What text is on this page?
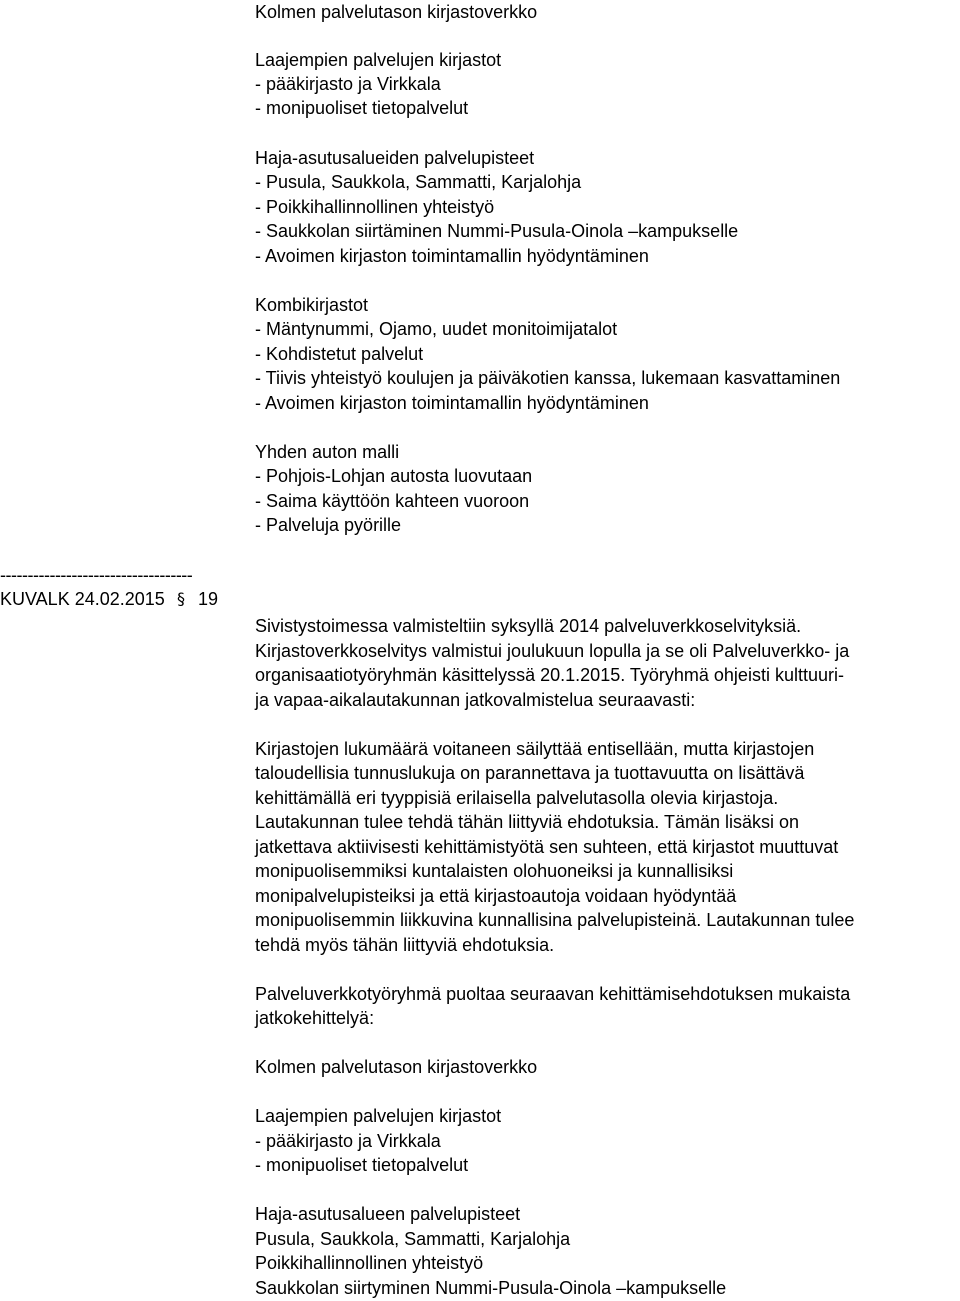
Kolmen palvelutason kirjastoverkko
Laajempien palvelujen kirjastot
- pääkirjasto ja Virkkala
- monipuoliset tietopalvelut
Haja-asutusalueiden palvelupisteet
- Pusula, Saukkola, Sammatti, Karjalohja
- Poikkihallinnollinen yhteistyö
- Saukkolan siirtäminen Nummi-Pusula-Oinola –kampukselle
- Avoimen kirjaston toimintamallin hyödyntäminen
Kombikirjastot
- Mäntynummi, Ojamo, uudet monitoimijatalot
- Kohdistetut palvelut
- Tiivis yhteistyö koulujen ja päiväkotien kanssa, lukemaan kasvattaminen
- Avoimen kirjaston toimintamallin hyödyntäminen
Yhden auton malli
- Pohjois-Lohjan autosta luovutaan
- Saima käyttöön kahteen vuoroon
- Palveluja pyörille
-----------------------------------
KUVALK 24.02.2015 § 19
Sivistystoimessa valmisteltiin syksyllä 2014 palveluverkkoselvityksiä.
Kirjastoverkkoselvitys valmistui joulukuun lopulla ja se oli Palveluverkko- ja
organisaatiotyöryhmän käsittelyssä 20.1.2015. Työryhmä ohjeisti kulttuuri-
ja vapaa-aikalautakunnan jatkovalmistelua seuraavasti:
Kirjastojen lukumäärä voitaneen säilyttää entisellään, mutta kirjastojen
taloudellisia tunnuslukuja on parannettava ja tuottavuutta on lisättävä
kehittämällä eri tyyppisiä erilaisella palvelutasolla olevia kirjastoja.
Lautakunnan tulee tehdä tähän liittyviä ehdotuksia. Tämän lisäksi on
jatkettava aktiivisesti kehittämistyötä sen suhteen, että kirjastot muuttuvat
monipuolisemmiksi kuntalaisten olohuoneiksi ja kunnallisiksi
monipalvelupisteiksi ja että kirjastoautoja voidaan hyödyntää
monipuolisemmin liikkuvina kunnallisina palvelupisteinä. Lautakunnan tulee
tehdä myös tähän liittyviä ehdotuksia.
Palveluverkkotyöryhmä puoltaa seuraavan kehittämisehdotuksen mukaista
jatkokehittelyä:
Kolmen palvelutason kirjastoverkko
Laajempien palvelujen kirjastot
- pääkirjasto ja Virkkala
- monipuoliset tietopalvelut
Haja-asutusalueen palvelupisteet
Pusula, Saukkola, Sammatti, Karjalohja
Poikkihallinnollinen yhteistyö
Saukkolan siirtyminen Nummi-Pusula-Oinola –kampukselle
